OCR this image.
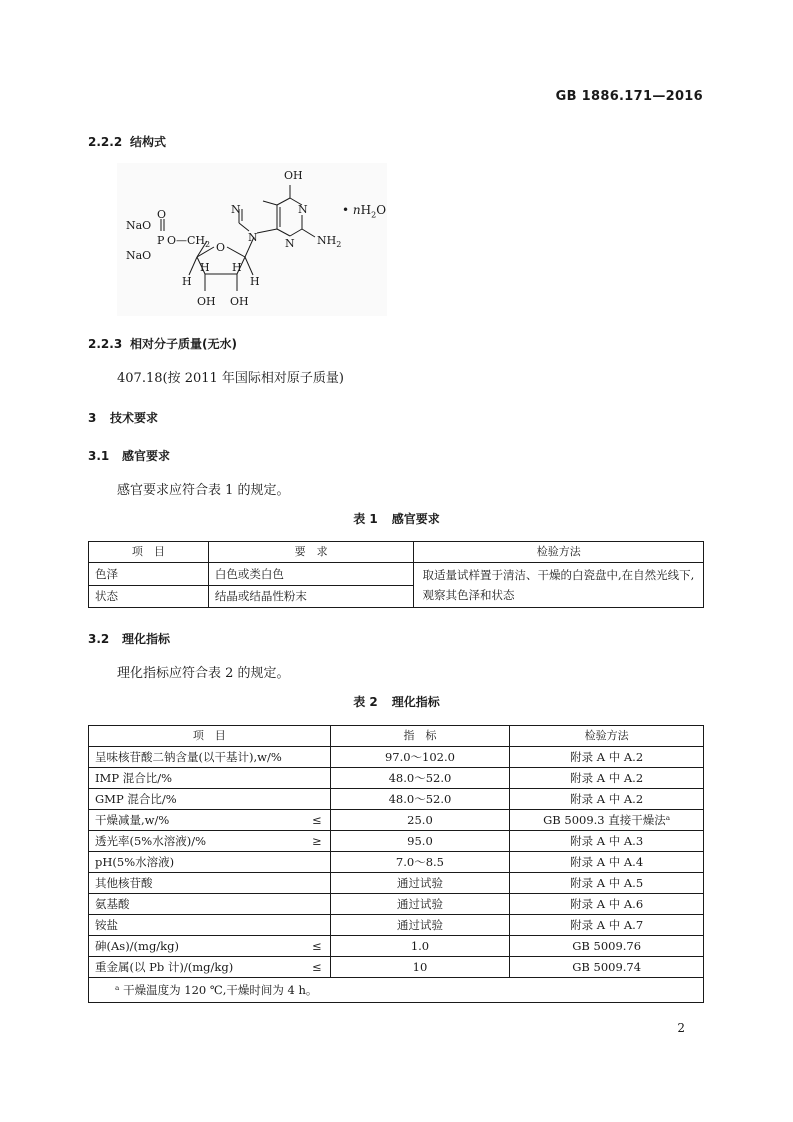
GB 1886.171—2016
2.2.2 结构式
OH
N	N
N N $NH_2$
O
NaO
P
NaO
$O—CH_2$ O
H H
H	H
OH OH
• $nH_2O$
2.2.3 相对分子质量(无水)
407.18(按 2011 年国际相对原子质量)
3 技术要求
3.1 感官要求
感官要求应符合表 1 的规定。
表 1 感官要求
项　目	要　求	检验方法
色泽	白色或类白色	取适量试样置于清洁、干燥的白瓷盘中,在自然光线下,观察其色泽和状态
状态	结晶或结晶性粉末	
3.2 理化指标
理化指标应符合表 2 的规定。
表 2 理化指标
项　目	指　标	检验方法
呈味核苷酸二钠含量(以干基计),w/%	97.0～102.0	附录 A 中 A.2
IMP 混合比/%	48.0～52.0	附录 A 中 A.2
GMP 混合比/%	48.0～52.0	附录 A 中 A.2
干燥减量,w/% ≤	25.0	GB 5009.3 直接干燥法ᵃ
透光率(5%水溶液)/% ≥	95.0	附录 A 中 A.3
pH(5%水溶液)	7.0～8.5	附录 A 中 A.4
其他核苷酸	通过试验	附录 A 中 A.5
氨基酸	通过试验	附录 A 中 A.6
铵盐	通过试验	附录 A 中 A.7
砷(As)/(mg/kg) ≤	1.0	GB 5009.76
重金属(以 Pb 计)/(mg/kg) ≤	10	GB 5009.74
ᵃ 干燥温度为 120 ℃,干燥时间为 4 h。		
2
